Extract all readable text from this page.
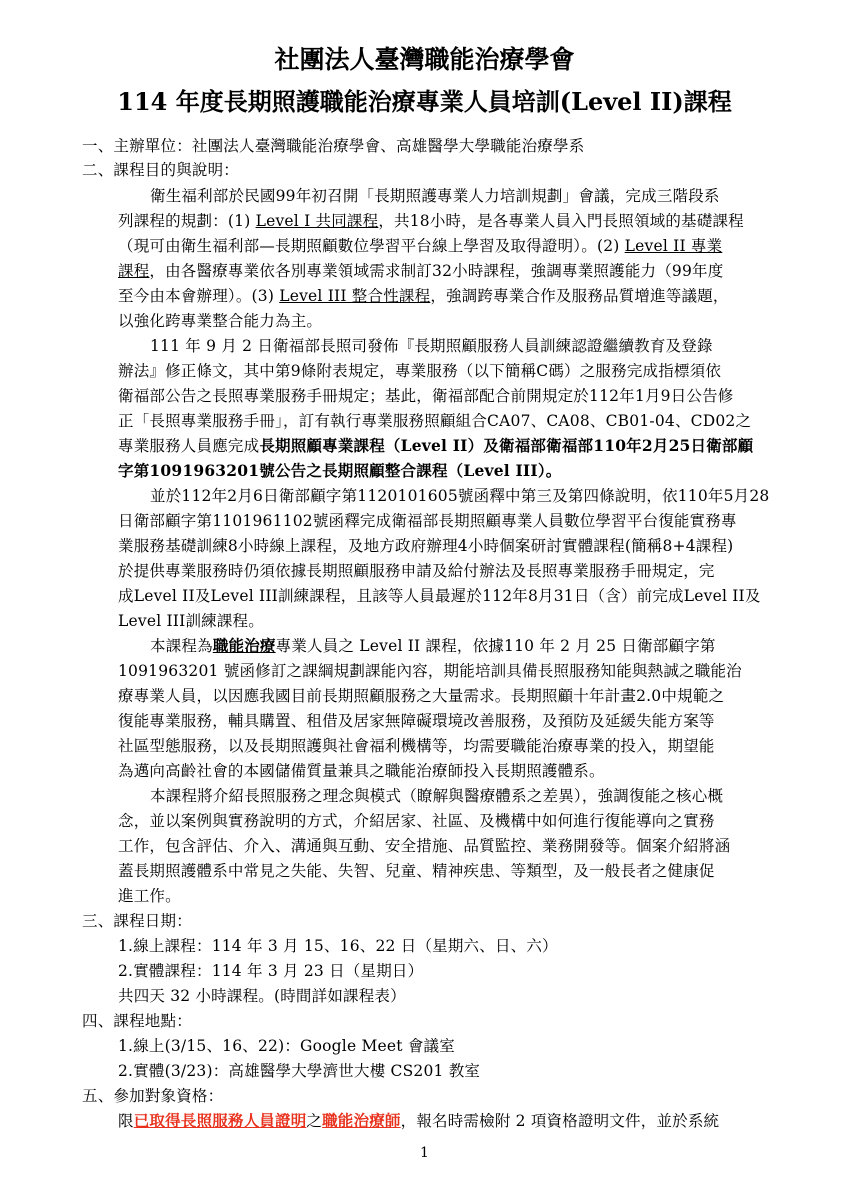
社團法人臺灣職能治療學會
114 年度長期照護職能治療專業人員培訓(Level II)課程
一、主辦單位：社團法人臺灣職能治療學會、高雄醫學大學職能治療學系
二、課程目的與說明：
衛生福利部於民國99年初召開「長期照護專業人力培訓規劃」會議，完成三階段系
列課程的規劃：(1) Level I 共同課程，共18小時，是各專業人員入門長照領域的基礎課程
（現可由衛生福利部—長期照顧數位學習平台線上學習及取得證明）。(2) Level II 專業
課程，由各醫療專業依各別專業領域需求制訂32小時課程，強調專業照護能力（99年度
至今由本會辦理）。(3) Level III 整合性課程，強調跨專業合作及服務品質增進等議題，
以強化跨專業整合能力為主。
111 年 9 月 2 日衛福部長照司發佈『長期照顧服務人員訓練認證繼續教育及登錄
辦法』修正條文，其中第9條附表規定，專業服務（以下簡稱C碼）之服務完成指標須依
衛福部公告之長照專業服務手冊規定；基此，衛福部配合前開規定於112年1月9日公告修
正「長照專業服務手冊」，訂有執行專業服務照顧組合CA07、CA08、CB01-04、CD02之
專業服務人員應完成長期照顧專業課程（Level II）及衛福部衛福部110年2月25日衛部顧
字第1091963201號公告之長期照顧整合課程（Level III）。
並於112年2月6日衛部顧字第1120101605號函釋中第三及第四條說明，依110年5月28
日衛部顧字第1101961102號函釋完成衛福部長期照顧專業人員數位學習平台復能實務專
業服務基礎訓練8小時線上課程，及地方政府辦理4小時個案研討實體課程(簡稱8+4課程)
於提供專業服務時仍須依據長期照顧服務申請及給付辦法及長照專業服務手冊規定，完
成Level II及Level III訓練課程，且該等人員最遲於112年8月31日（含）前完成Level II及
Level III訓練課程。
本課程為職能治療專業人員之 Level II 課程，依據110 年 2 月 25 日衛部顧字第
1091963201 號函修訂之課綱規劃課能內容，期能培訓具備長照服務知能與熱誠之職能治
療專業人員，以因應我國目前長期照顧服務之大量需求。長期照顧十年計畫2.0中規範之
復能專業服務，輔具購置、租借及居家無障礙環境改善服務，及預防及延緩失能方案等
社區型態服務，以及長期照護與社會福利機構等，均需要職能治療專業的投入，期望能
為邁向高齡社會的本國儲備質量兼具之職能治療師投入長期照護體系。
本課程將介紹長照服務之理念與模式（瞭解與醫療體系之差異），強調復能之核心概
念，並以案例與實務說明的方式，介紹居家、社區、及機構中如何進行復能導向之實務
工作，包含評估、介入、溝通與互動、安全措施、品質監控、業務開發等。個案介紹將涵
蓋長期照護體系中常見之失能、失智、兒童、精神疾患、等類型，及一般長者之健康促
進工作。
三、課程日期：
1.線上課程：114 年 3 月 15、16、22 日（星期六、日、六）
2.實體課程：114 年 3 月 23 日（星期日）
共四天 32 小時課程。(時間詳如課程表）
四、課程地點：
1.線上(3/15、16、22)：Google Meet 會議室
2.實體(3/23)：高雄醫學大學濟世大樓 CS201 教室
五、參加對象資格：
限已取得長照服務人員證明之職能治療師，報名時需檢附 2 項資格證明文件，並於系統
1
